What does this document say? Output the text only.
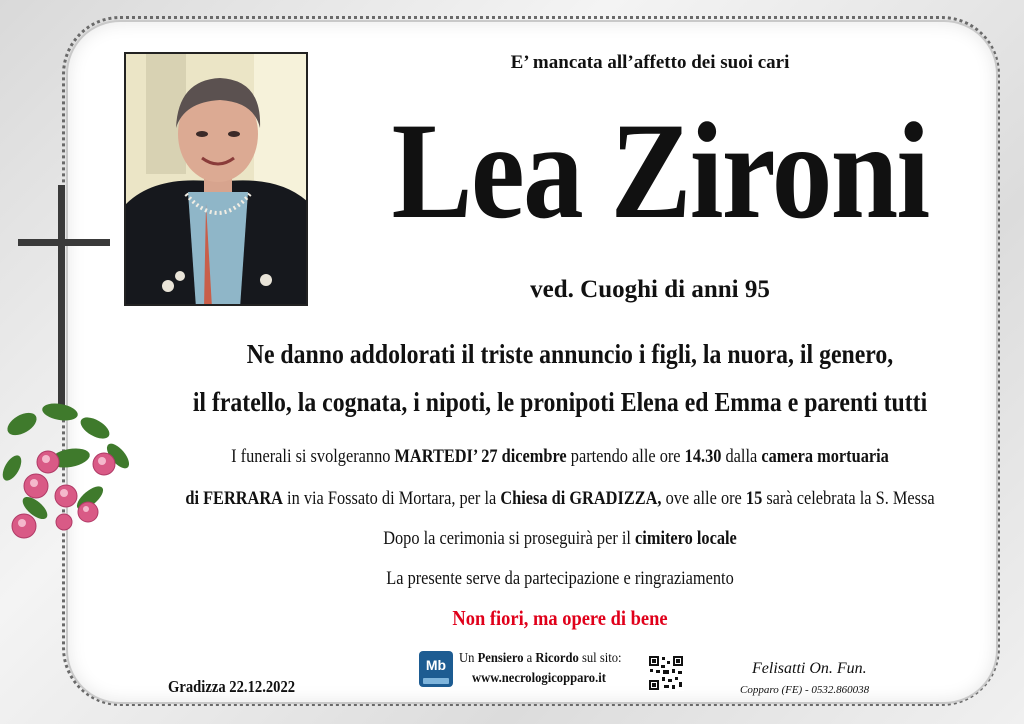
E’ mancata all’affetto dei suoi cari
Lea Zironi
ved. Cuoghi di anni 95
Ne danno addolorati il triste annuncio i figli, la nuora, il genero,
il fratello, la cognata, i nipoti, le pronipoti Elena ed Emma e parenti tutti
I funerali si svolgeranno MARTEDI’ 27 dicembre partendo alle ore 14.30 dalla camera mortuaria
di FERRARA in via Fossato di Mortara, per la Chiesa di GRADIZZA, ove alle ore 15 sarà celebrata la S. Messa
Dopo la cerimonia si proseguirà per il cimitero locale
La presente serve da partecipazione e ringraziamento
Non fiori, ma opere di bene
Gradizza 22.12.2022
Mb Un Pensiero a Ricordo sul sito:
www.necrologicopparo.it
Felisatti On. Fun.
Copparo (FE) - 0532.860038
